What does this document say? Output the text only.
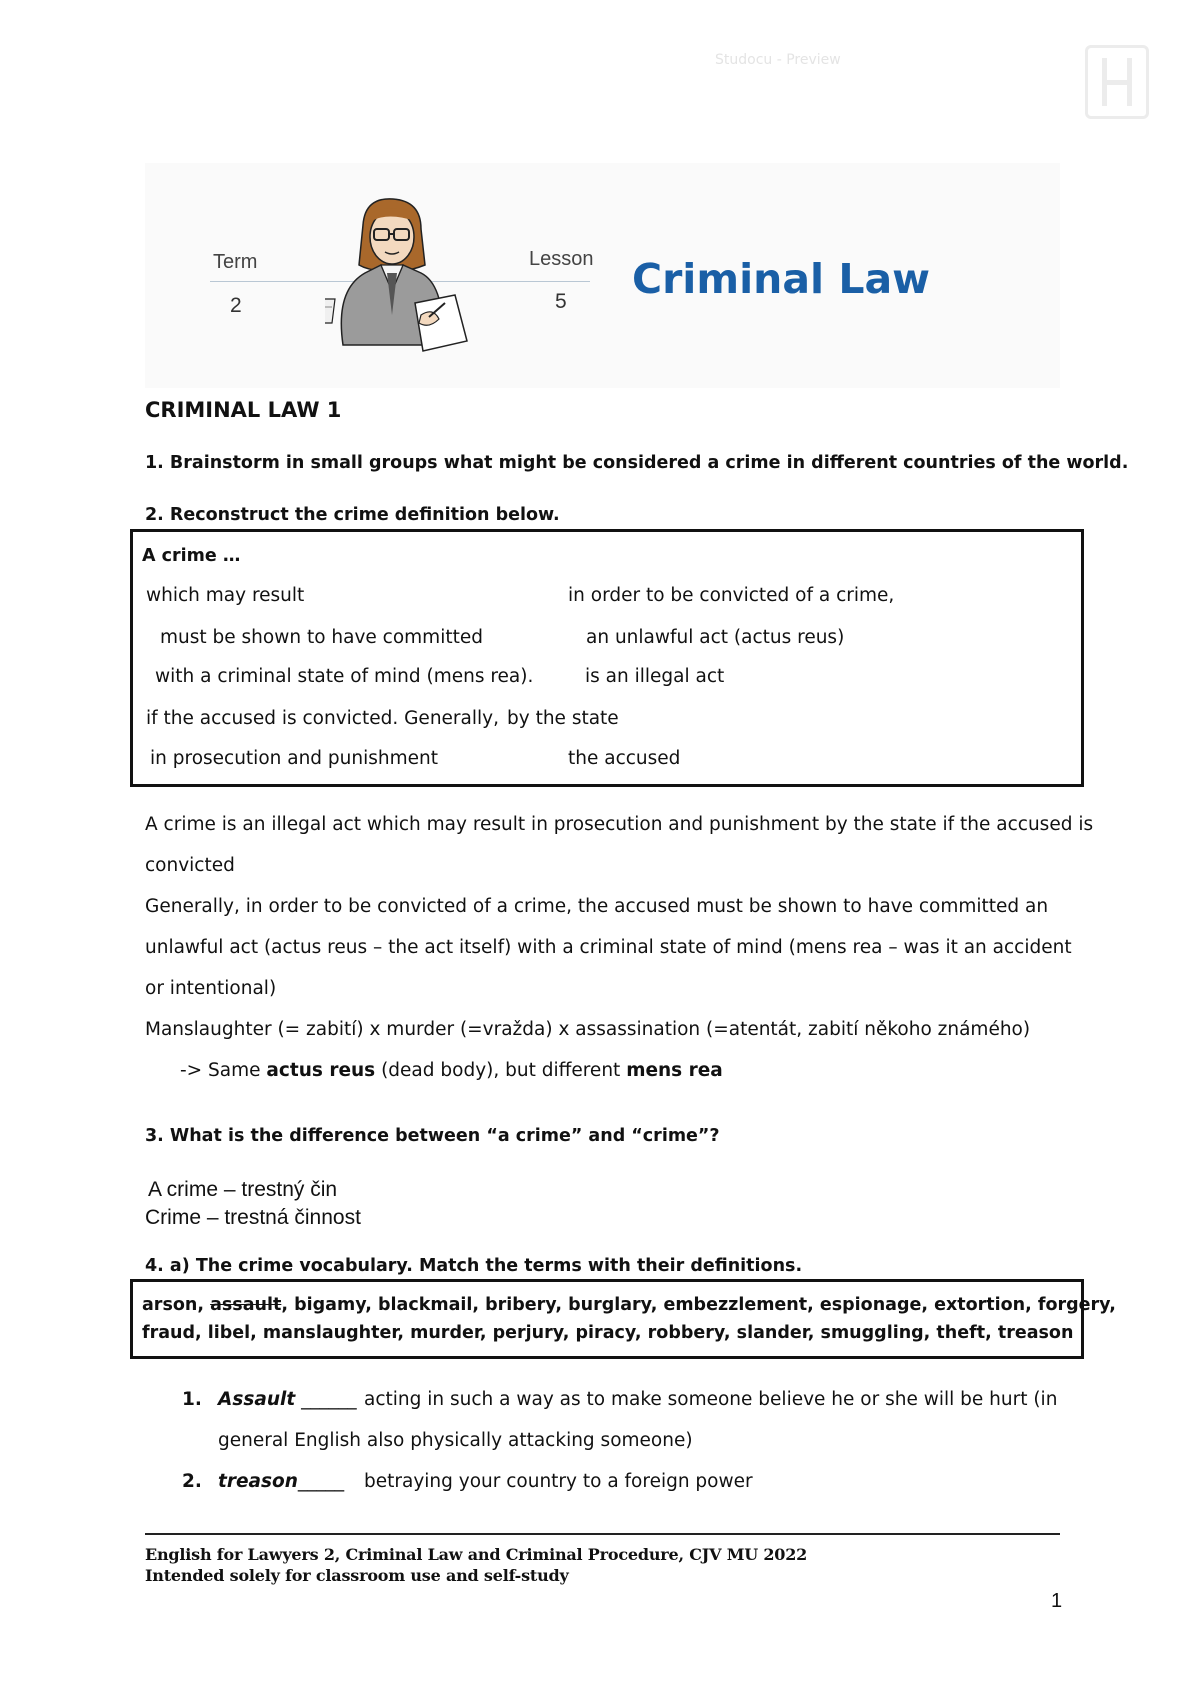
Studocu - Preview
Term
2
Lesson
5 Criminal Law
CRIMINAL LAW 1
1. Brainstorm in small groups what might be considered a crime in different countries of the world.
2. Reconstruct the crime definition below.
A crime …
which may result	in order to be convicted of a crime,
must be shown to have committed	an unlawful act (actus reus)
with a criminal state of mind (mens rea).	is an illegal act
if the accused is convicted. Generally, by the state
in prosecution and punishment	the accused
A crime is an illegal act which may result in prosecution and punishment by the state if the accused is
convicted
Generally, in order to be convicted of a crime, the accused must be shown to have committed an
unlawful act (actus reus – the act itself) with a criminal state of mind (mens rea – was it an accident
or intentional)
Manslaughter (= zabití) x murder (=vražda) x assassination (=atentát, zabití někoho známého)
-> Same actus reus (dead body), but different mens rea
3. What is the difference between “a crime” and “crime”?
A crime – trestný čin
Crime – trestná činnost
4. a) The crime vocabulary. Match the terms with their definitions.
arson, assault, bigamy, blackmail, bribery, burglary, embezzlement, espionage, extortion, forgery,
fraud, libel, manslaughter, murder, perjury, piracy, robbery, slander, smuggling, theft, treason
1. Assault ______ acting in such a way as to make someone believe he or she will be hurt (in
general English also physically attacking someone)
2. treason_____ betraying your country to a foreign power
English for Lawyers 2, Criminal Law and Criminal Procedure, CJV MU 2022
Intended solely for classroom use and self-study
1
